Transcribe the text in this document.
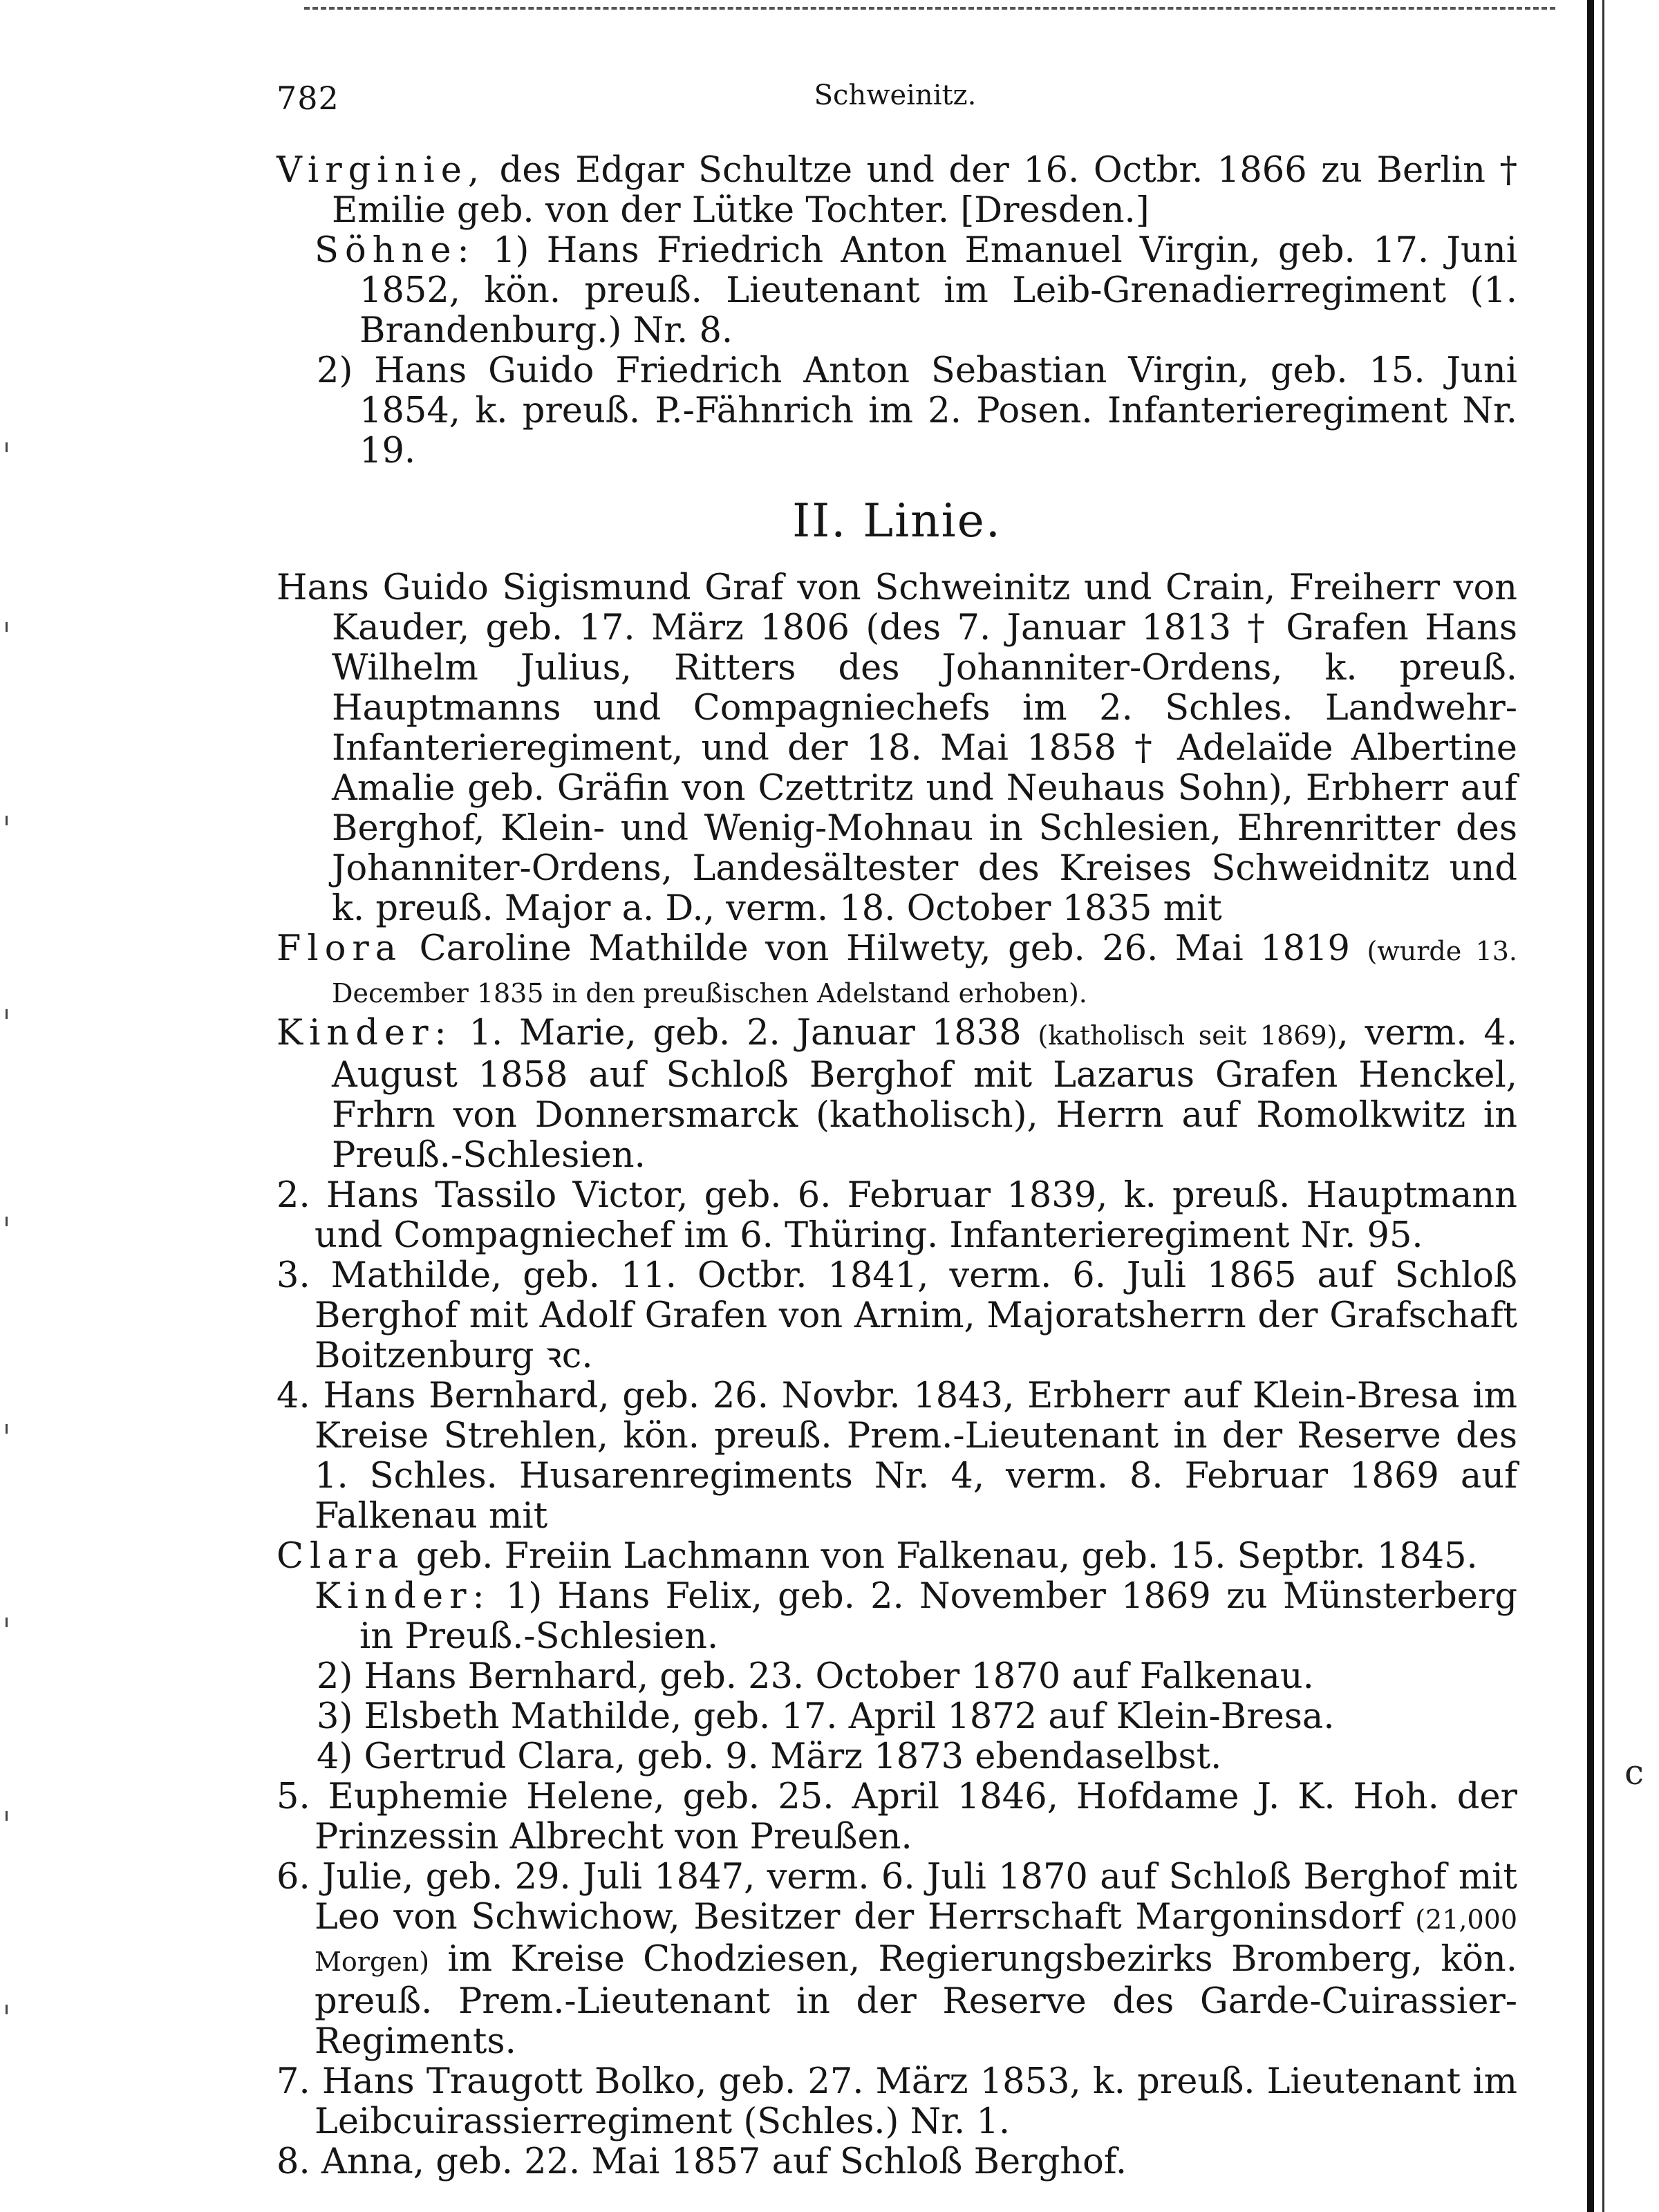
782	Schweinitz.

Virginie, des Edgar Schultze und der 16. Octbr. 1866 zu Berlin † Emilie geb. von der Lütke Tochter. [Dresden.]

Söhne: 1) Hans Friedrich Anton Emanuel Virgin, geb. 17. Juni 1852, kön. preuß. Lieutenant im Leib-Grenadierregiment (1. Brandenburg.) Nr. 8.

2) Hans Guido Friedrich Anton Sebastian Virgin, geb. 15. Juni 1854, k. preuß. P.-Fähnrich im 2. Posen. Infanterieregiment Nr. 19.

II. Linie.

Hans Guido Sigismund Graf von Schweinitz und Crain, Freiherr von Kauder, geb. 17. März 1806 (des 7. Januar 1813 † Grafen Hans Wilhelm Julius, Ritters des Johanniter-Ordens, k. preuß. Hauptmanns und Compagniechefs im 2. Schles. Landwehr-Infanterieregiment, und der 18. Mai 1858 † Adelaïde Albertine Amalie geb. Gräfin von Czettritz und Neuhaus Sohn), Erbherr auf Berghof, Klein- und Wenig-Mohnau in Schlesien, Ehrenritter des Johanniter-Ordens, Landesältester des Kreises Schweidnitz und k. preuß. Major a. D., verm. 18. October 1835 mit

Flora Caroline Mathilde von Hilwety, geb. 26. Mai 1819 (wurde 13. December 1835 in den preußischen Adelstand erhoben).

Kinder: 1. Marie, geb. 2. Januar 1838 (katholisch seit 1869), verm. 4. August 1858 auf Schloß Berghof mit Lazarus Grafen Henckel, Frhrn von Donnersmarck (katholisch), Herrn auf Romolkwitz in Preuß.-Schlesien.

2. Hans Tassilo Victor, geb. 6. Februar 1839, k. preuß. Hauptmann und Compagniechef im 6. Thüring. Infanterieregiment Nr. 95.

3. Mathilde, geb. 11. Octbr. 1841, verm. 6. Juli 1865 auf Schloß Berghof mit Adolf Grafen von Arnim, Majoratsherrn der Grafschaft Boitzenburg ꝛc.

4. Hans Bernhard, geb. 26. Novbr. 1843, Erbherr auf Klein-Bresa im Kreise Strehlen, kön. preuß. Prem.-Lieutenant in der Reserve des 1. Schles. Husarenregiments Nr. 4, verm. 8. Februar 1869 auf Falkenau mit

Clara geb. Freiin Lachmann von Falkenau, geb. 15. Septbr. 1845.

Kinder: 1) Hans Felix, geb. 2. November 1869 zu Münsterberg in Preuß.-Schlesien.

2) Hans Bernhard, geb. 23. October 1870 auf Falkenau.

3) Elsbeth Mathilde, geb. 17. April 1872 auf Klein-Bresa.

4) Gertrud Clara, geb. 9. März 1873 ebendaselbst.

5. Euphemie Helene, geb. 25. April 1846, Hofdame J. K. Hoh. der Prinzessin Albrecht von Preußen.

6. Julie, geb. 29. Juli 1847, verm. 6. Juli 1870 auf Schloß Berghof mit Leo von Schwichow, Besitzer der Herrschaft Margoninsdorf (21,000 Morgen) im Kreise Chodziesen, Regierungsbezirks Bromberg, kön. preuß. Prem.-Lieutenant in der Reserve des Garde-Cuirassier-Regiments.

7. Hans Traugott Bolko, geb. 27. März 1853, k. preuß. Lieutenant im Leibcuirassierregiment (Schles.) Nr. 1.

8. Anna, geb. 22. Mai 1857 auf Schloß Berghof.

c
